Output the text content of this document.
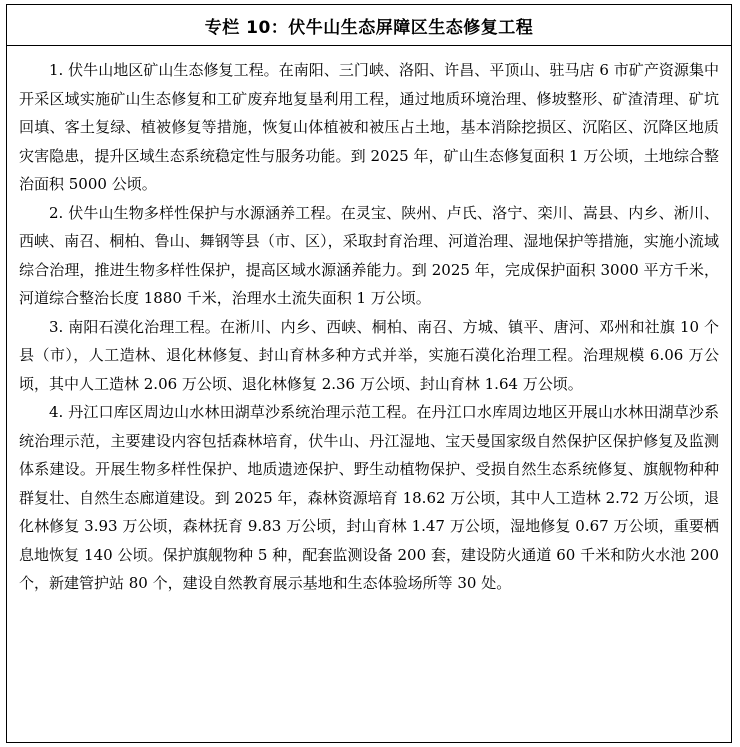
专栏 10：伏牛山生态屏障区生态修复工程

1. 伏牛山地区矿山生态修复工程。在南阳、三门峡、洛阳、许昌、平顶山、驻马店 6 市矿产资源集中开采区域实施矿山生态修复和工矿废弃地复垦利用工程，通过地质环境治理、修坡整形、矿渣清理、矿坑回填、客土复绿、植被修复等措施，恢复山体植被和被压占土地，基本消除挖损区、沉陷区、沉降区地质灾害隐患，提升区域生态系统稳定性与服务功能。到 2025 年，矿山生态修复面积 1 万公顷，土地综合整治面积 5000 公顷。

2. 伏牛山生物多样性保护与水源涵养工程。在灵宝、陕州、卢氏、洛宁、栾川、嵩县、内乡、淅川、西峡、南召、桐柏、鲁山、舞钢等县（市、区），采取封育治理、河道治理、湿地保护等措施，实施小流域综合治理，推进生物多样性保护，提高区域水源涵养能力。到 2025 年，完成保护面积 3000 平方千米，河道综合整治长度 1880 千米，治理水土流失面积 1 万公顷。

3. 南阳石漠化治理工程。在淅川、内乡、西峡、桐柏、南召、方城、镇平、唐河、邓州和社旗 10 个县（市），人工造林、退化林修复、封山育林多种方式并举，实施石漠化治理工程。治理规模 6.06 万公顷，其中人工造林 2.06 万公顷、退化林修复 2.36 万公顷、封山育林 1.64 万公顷。

4. 丹江口库区周边山水林田湖草沙系统治理示范工程。在丹江口水库周边地区开展山水林田湖草沙系统治理示范，主要建设内容包括森林培育，伏牛山、丹江湿地、宝天曼国家级自然保护区保护修复及监测体系建设。开展生物多样性保护、地质遗迹保护、野生动植物保护、受损自然生态系统修复、旗舰物种种群复壮、自然生态廊道建设。到 2025 年，森林资源培育 18.62 万公顷，其中人工造林 2.72 万公顷，退化林修复 3.93 万公顷，森林抚育 9.83 万公顷，封山育林 1.47 万公顷，湿地修复 0.67 万公顷，重要栖息地恢复 140 公顷。保护旗舰物种 5 种，配套监测设备 200 套，建设防火通道 60 千米和防火水池 200 个，新建管护站 80 个，建设自然教育展示基地和生态体验场所等 30 处。
